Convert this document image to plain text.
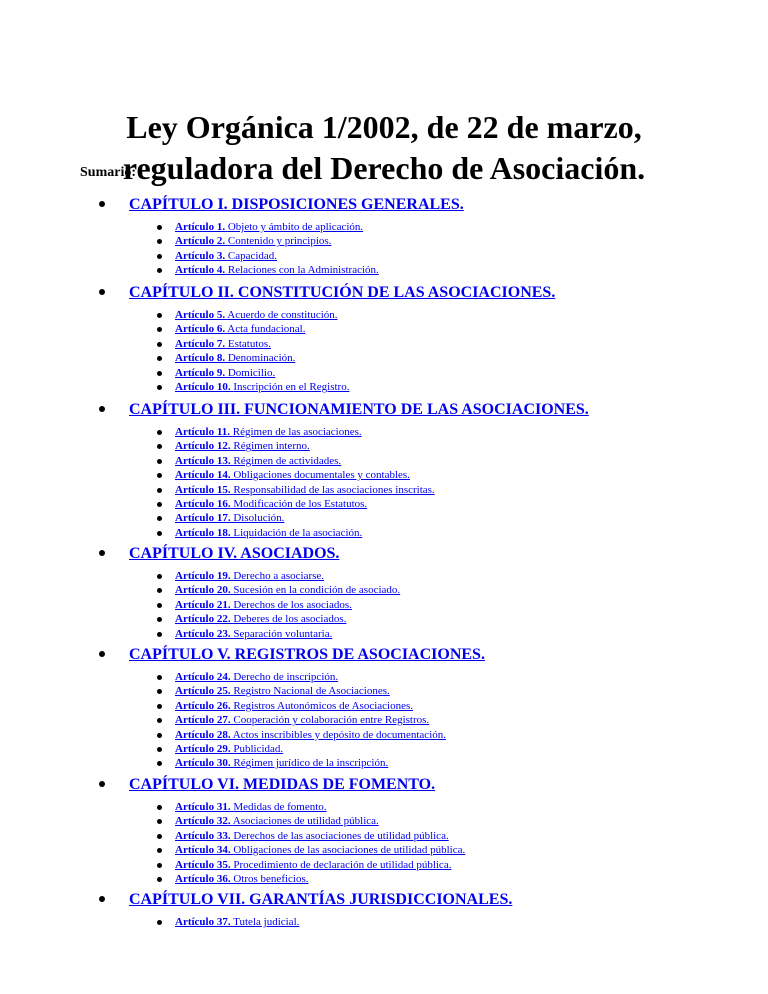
Ley Orgánica 1/2002, de 22 de marzo,
reguladora del Derecho de Asociación.
Sumario:
CAPÍTULO I. DISPOSICIONES GENERALES.
Artículo 1. Objeto y ámbito de aplicación.
Artículo 2. Contenido y principios.
Artículo 3. Capacidad.
Artículo 4. Relaciones con la Administración.
CAPÍTULO II. CONSTITUCIÓN DE LAS ASOCIACIONES.
Artículo 5. Acuerdo de constitución.
Artículo 6. Acta fundacional.
Artículo 7. Estatutos.
Artículo 8. Denominación.
Artículo 9. Domicilio.
Artículo 10. Inscripción en el Registro.
CAPÍTULO III. FUNCIONAMIENTO DE LAS ASOCIACIONES.
Artículo 11. Régimen de las asociaciones.
Artículo 12. Régimen interno.
Artículo 13. Régimen de actividades.
Artículo 14. Obligaciones documentales y contables.
Artículo 15. Responsabilidad de las asociaciones inscritas.
Artículo 16. Modificación de los Estatutos.
Artículo 17. Disolución.
Artículo 18. Liquidación de la asociación.
CAPÍTULO IV. ASOCIADOS.
Artículo 19. Derecho a asociarse.
Artículo 20. Sucesión en la condición de asociado.
Artículo 21. Derechos de los asociados.
Artículo 22. Deberes de los asociados.
Artículo 23. Separación voluntaria.
CAPÍTULO V. REGISTROS DE ASOCIACIONES.
Artículo 24. Derecho de inscripción.
Artículo 25. Registro Nacional de Asociaciones.
Artículo 26. Registros Autonómicos de Asociaciones.
Artículo 27. Cooperación y colaboración entre Registros.
Artículo 28. Actos inscribibles y depósito de documentación.
Artículo 29. Publicidad.
Artículo 30. Régimen jurídico de la inscripción.
CAPÍTULO VI. MEDIDAS DE FOMENTO.
Artículo 31. Medidas de fomento.
Artículo 32. Asociaciones de utilidad pública.
Artículo 33. Derechos de las asociaciones de utilidad pública.
Artículo 34. Obligaciones de las asociaciones de utilidad pública.
Artículo 35. Procedimiento de declaración de utilidad pública.
Artículo 36. Otros beneficios.
CAPÍTULO VII. GARANTÍAS JURISDICCIONALES.
Artículo 37. Tutela judicial.
